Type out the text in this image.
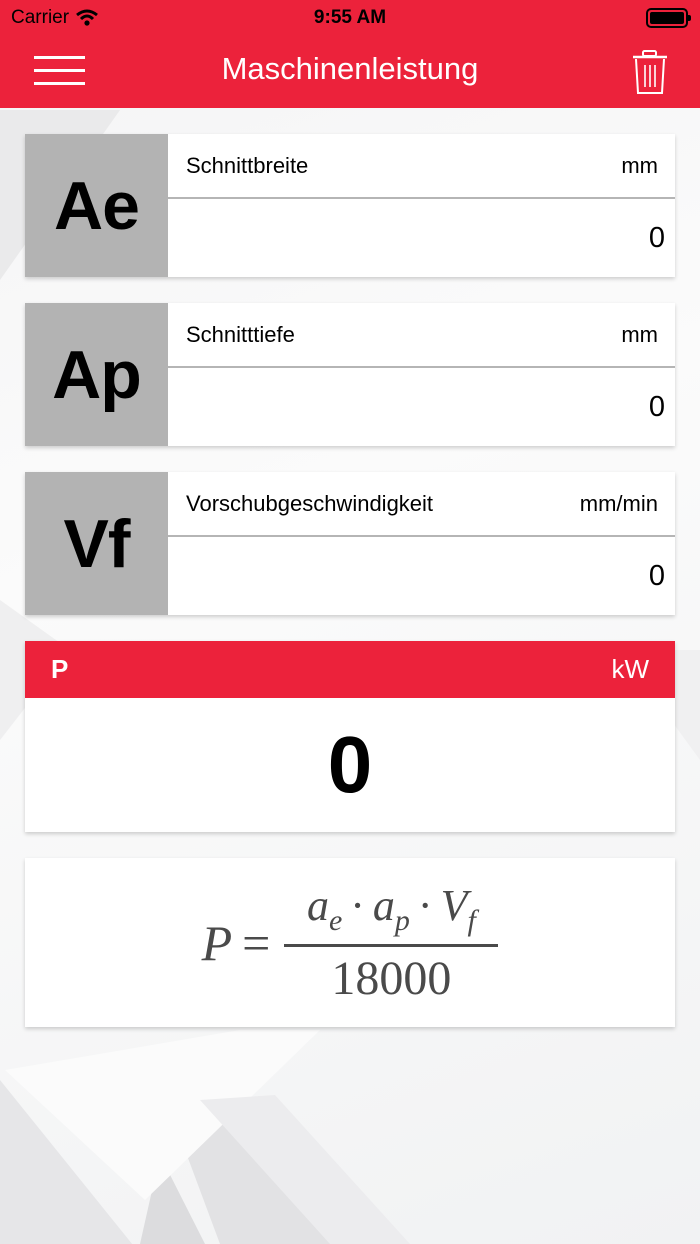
Carrier	9:55 AM
Maschinenleistung
Ae
Schnittbreite	mm
0
Ap
Schnitttiefe	mm
0
Vf
Vorschubgeschwindigkeit	mm/min
0
P	kW
0
$P = \frac{a_e \cdot a_p \cdot V_f}{18000}$
